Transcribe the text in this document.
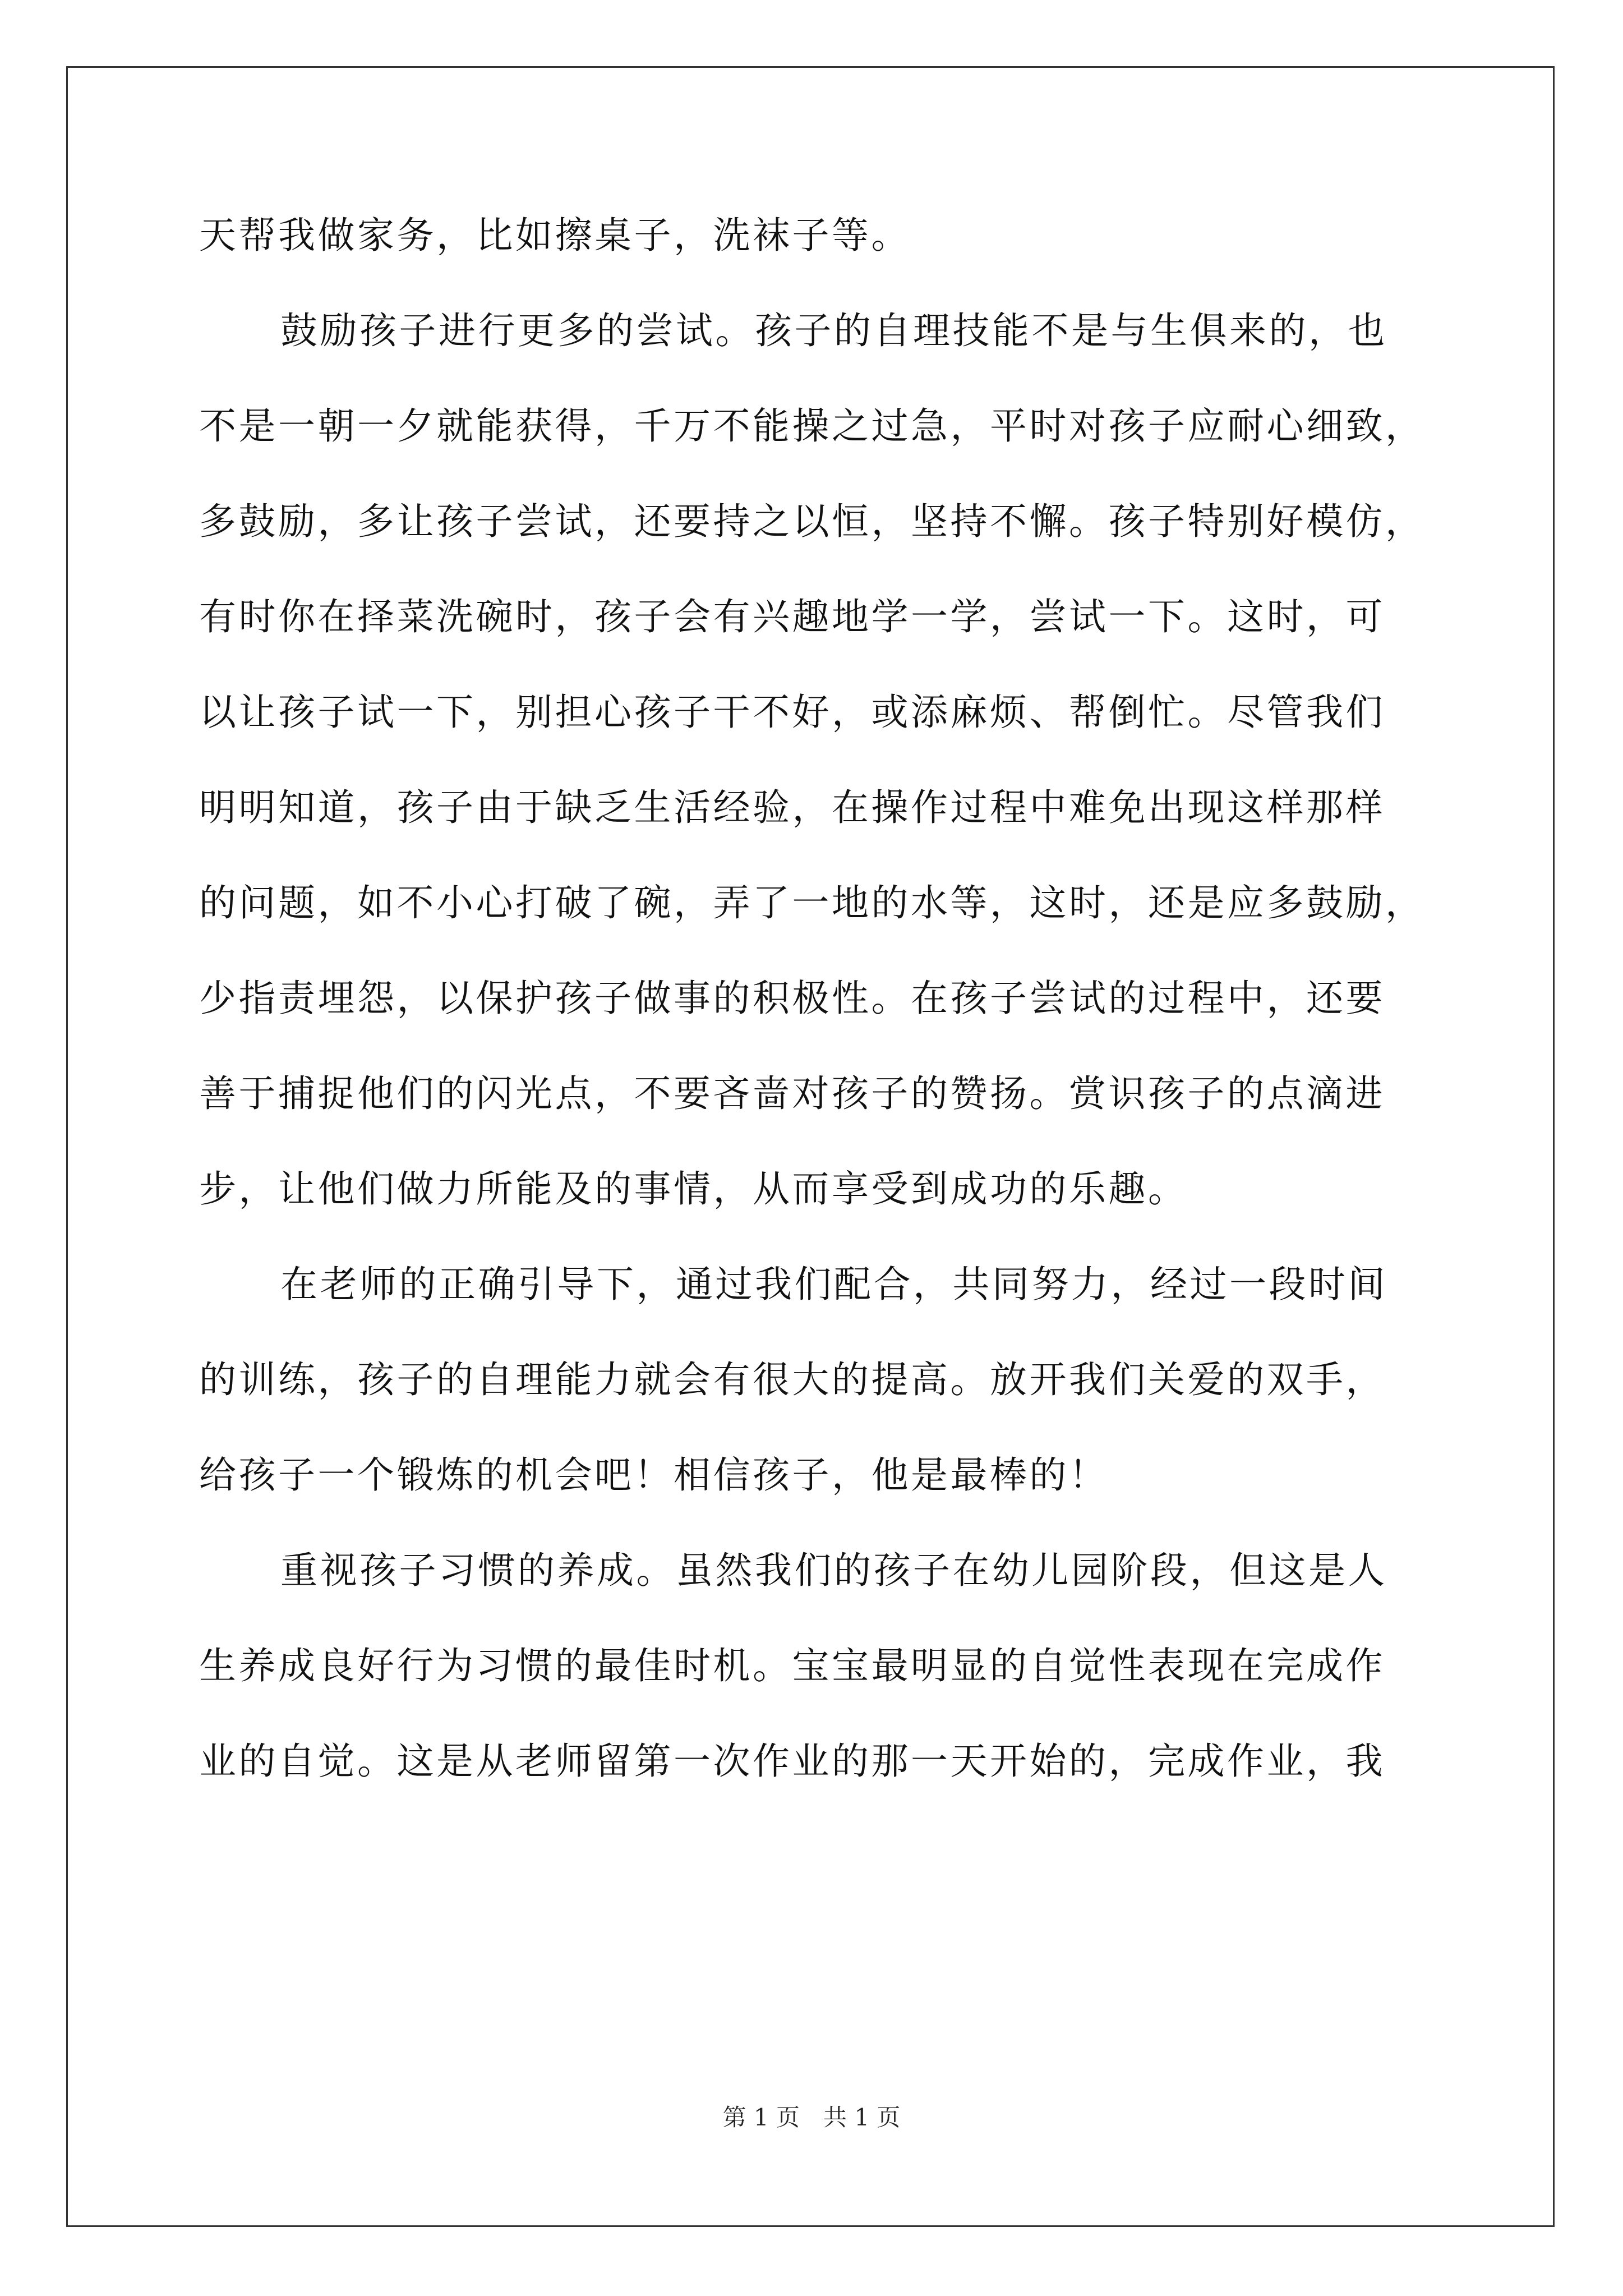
天帮我做家务，比如擦桌子，洗袜子等。
鼓励孩子进行更多的尝试。孩子的自理技能不是与生俱来的，也
不是一朝一夕就能获得，千万不能操之过急，平时对孩子应耐心细致，
多鼓励，多让孩子尝试，还要持之以恒，坚持不懈。孩子特别好模仿，
有时你在择菜洗碗时，孩子会有兴趣地学一学，尝试一下。这时，可
以让孩子试一下，别担心孩子干不好，或添麻烦、帮倒忙。尽管我们
明明知道，孩子由于缺乏生活经验，在操作过程中难免出现这样那样
的问题，如不小心打破了碗，弄了一地的水等，这时，还是应多鼓励，
少指责埋怨，以保护孩子做事的积极性。在孩子尝试的过程中，还要
善于捕捉他们的闪光点，不要吝啬对孩子的赞扬。赏识孩子的点滴进
步，让他们做力所能及的事情，从而享受到成功的乐趣。
在老师的正确引导下，通过我们配合，共同努力，经过一段时间
的训练，孩子的自理能力就会有很大的提高。放开我们关爱的双手，
给孩子一个锻炼的机会吧！相信孩子，他是最棒的！
重视孩子习惯的养成。虽然我们的孩子在幼儿园阶段，但这是人
生养成良好行为习惯的最佳时机。宝宝最明显的自觉性表现在完成作
业的自觉。这是从老师留第一次作业的那一天开始的，完成作业，我
第 1 页　共 1 页
